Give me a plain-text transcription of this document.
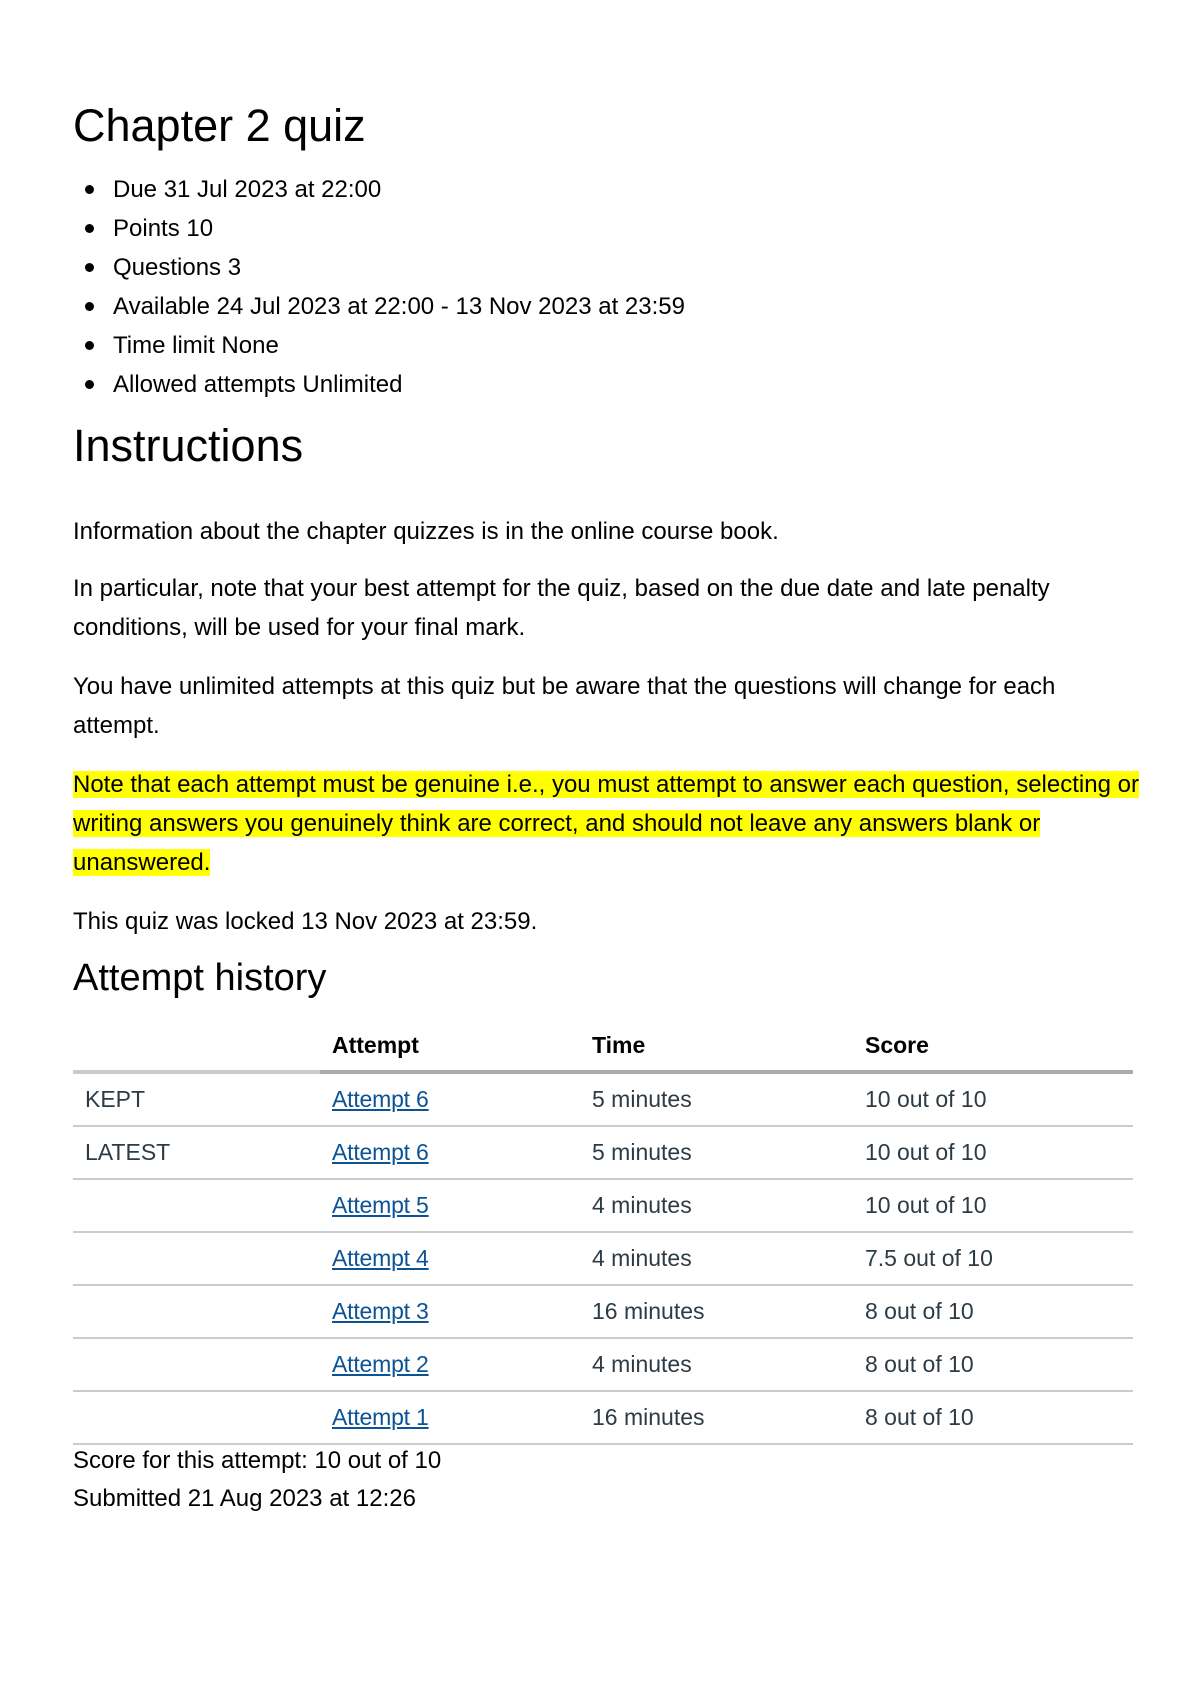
Chapter 2 quiz
Due 31 Jul 2023 at 22:00
Points 10
Questions 3
Available 24 Jul 2023 at 22:00 - 13 Nov 2023 at 23:59
Time limit None
Allowed attempts Unlimited
Instructions

Information about the chapter quizzes is in the online course book.

In particular, note that your best attempt for the quiz, based on the due date and late penalty conditions, will be used for your final mark.

You have unlimited attempts at this quiz but be aware that the questions will change for each attempt.

Note that each attempt must be genuine i.e., you must attempt to answer each question, selecting or writing answers you genuinely think are correct, and should not leave any answers blank or unanswered.

This quiz was locked 13 Nov 2023 at 23:59.

Attempt history
	Attempt	Time	Score
KEPT	Attempt 6	5 minutes	10 out of 10
LATEST	Attempt 6	5 minutes	10 out of 10
	Attempt 5	4 minutes	10 out of 10
	Attempt 4	4 minutes	7.5 out of 10
	Attempt 3	16 minutes	8 out of 10
	Attempt 2	4 minutes	8 out of 10
	Attempt 1	16 minutes	8 out of 10

Score for this attempt: 10 out of 10

Submitted 21 Aug 2023 at 12:26
